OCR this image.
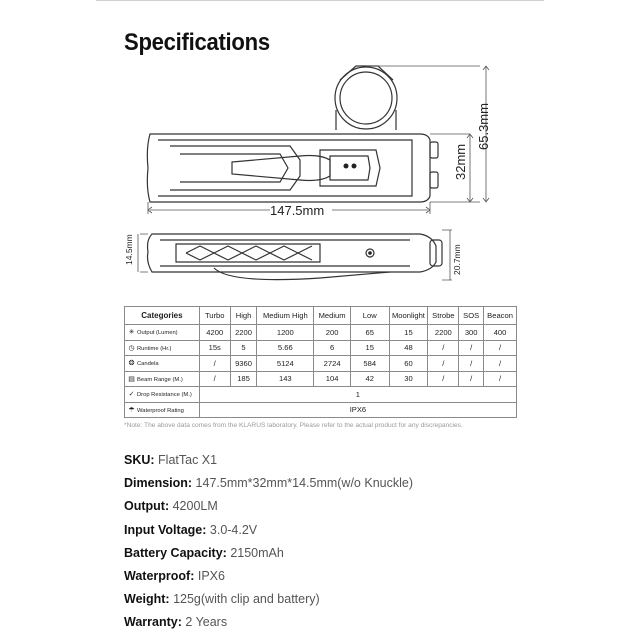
Specifications
65.3mm
32mm
147.5mm
14.5mm	20.7mm
Categories	Turbo	High	Medium High	Medium	Low	Moonlight	Strobe	SOS	Beacon
✳ Output (Lumen)	4200	2200	1200	200	65	15	2200	300	400
◷ Runtime (Hr.)	15s	5	5.66	6	15	48	/	/	/
❂ Candela	/	9360	5124	2724	584	60	/	/	/
▤ Beam Range (M.)	/	185	143	104	42	30	/	/	/
✓ Drop Resistance (M.)	1								
☂ Waterproof Rating	IPX6								
*Note: The above data comes from the KLARUS laboratory. Please refer to the actual product for any discrepancies.
SKU: FlatTac X1
Dimension: 147.5mm*32mm*14.5mm(w/o Knuckle)
Output: 4200LM
Input Voltage: 3.0-4.2V
Battery Capacity: 2150mAh
Waterproof: IPX6
Weight: 125g(with clip and battery)
Warranty: 2 Years
